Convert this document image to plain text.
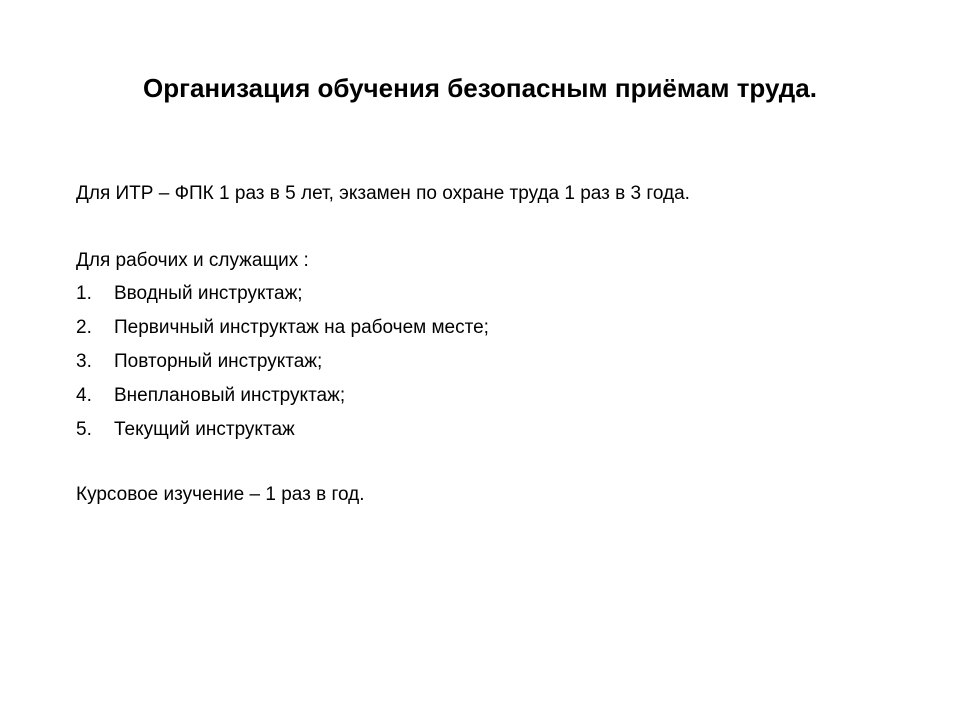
Организация обучения безопасным приёмам труда.

Для ИТР – ФПК 1 раз в 5 лет, экзамен по охране труда 1 раз в 3 года.

Для рабочих и служащих :

1. Вводный инструктаж;
2. Первичный инструктаж на рабочем месте;
3. Повторный инструктаж;
4. Внеплановый инструктаж;
5. Текущий инструктаж

Курсовое изучение – 1 раз в год.
